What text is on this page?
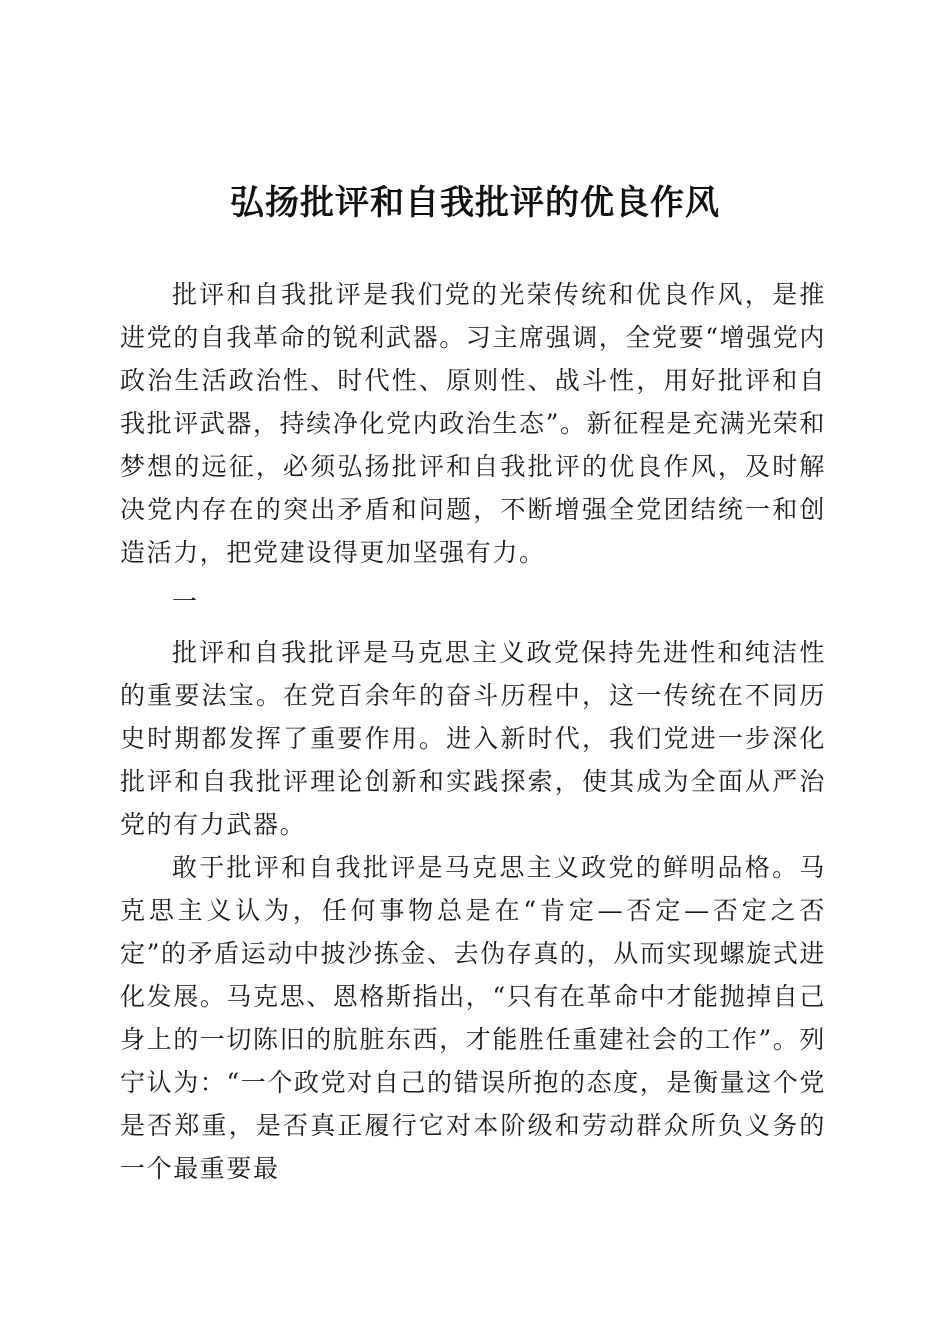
弘扬批评和自我批评的优良作风

批评和自我批评是我们党的光荣传统和优良作风，是推进党的自我革命的锐利武器。习主席强调，全党要“增强党内政治生活政治性、时代性、原则性、战斗性，用好批评和自我批评武器，持续净化党内政治生态”。新征程是充满光荣和梦想的远征，必须弘扬批评和自我批评的优良作风，及时解决党内存在的突出矛盾和问题，不断增强全党团结统一和创造活力，把党建设得更加坚强有力。

一

批评和自我批评是马克思主义政党保持先进性和纯洁性的重要法宝。在党百余年的奋斗历程中，这一传统在不同历史时期都发挥了重要作用。进入新时代，我们党进一步深化批评和自我批评理论创新和实践探索，使其成为全面从严治党的有力武器。

敢于批评和自我批评是马克思主义政党的鲜明品格。马克思主义认为，任何事物总是在“肯定—否定—否定之否定”的矛盾运动中披沙拣金、去伪存真的，从而实现螺旋式进化发展。马克思、恩格斯指出，“只有在革命中才能抛掉自己身上的一切陈旧的肮脏东西，才能胜任重建社会的工作”。列宁认为：“一个政党对自己的错误所抱的态度，是衡量这个党是否郑重，是否真正履行它对本阶级和劳动群众所负义务的一个最重要最
